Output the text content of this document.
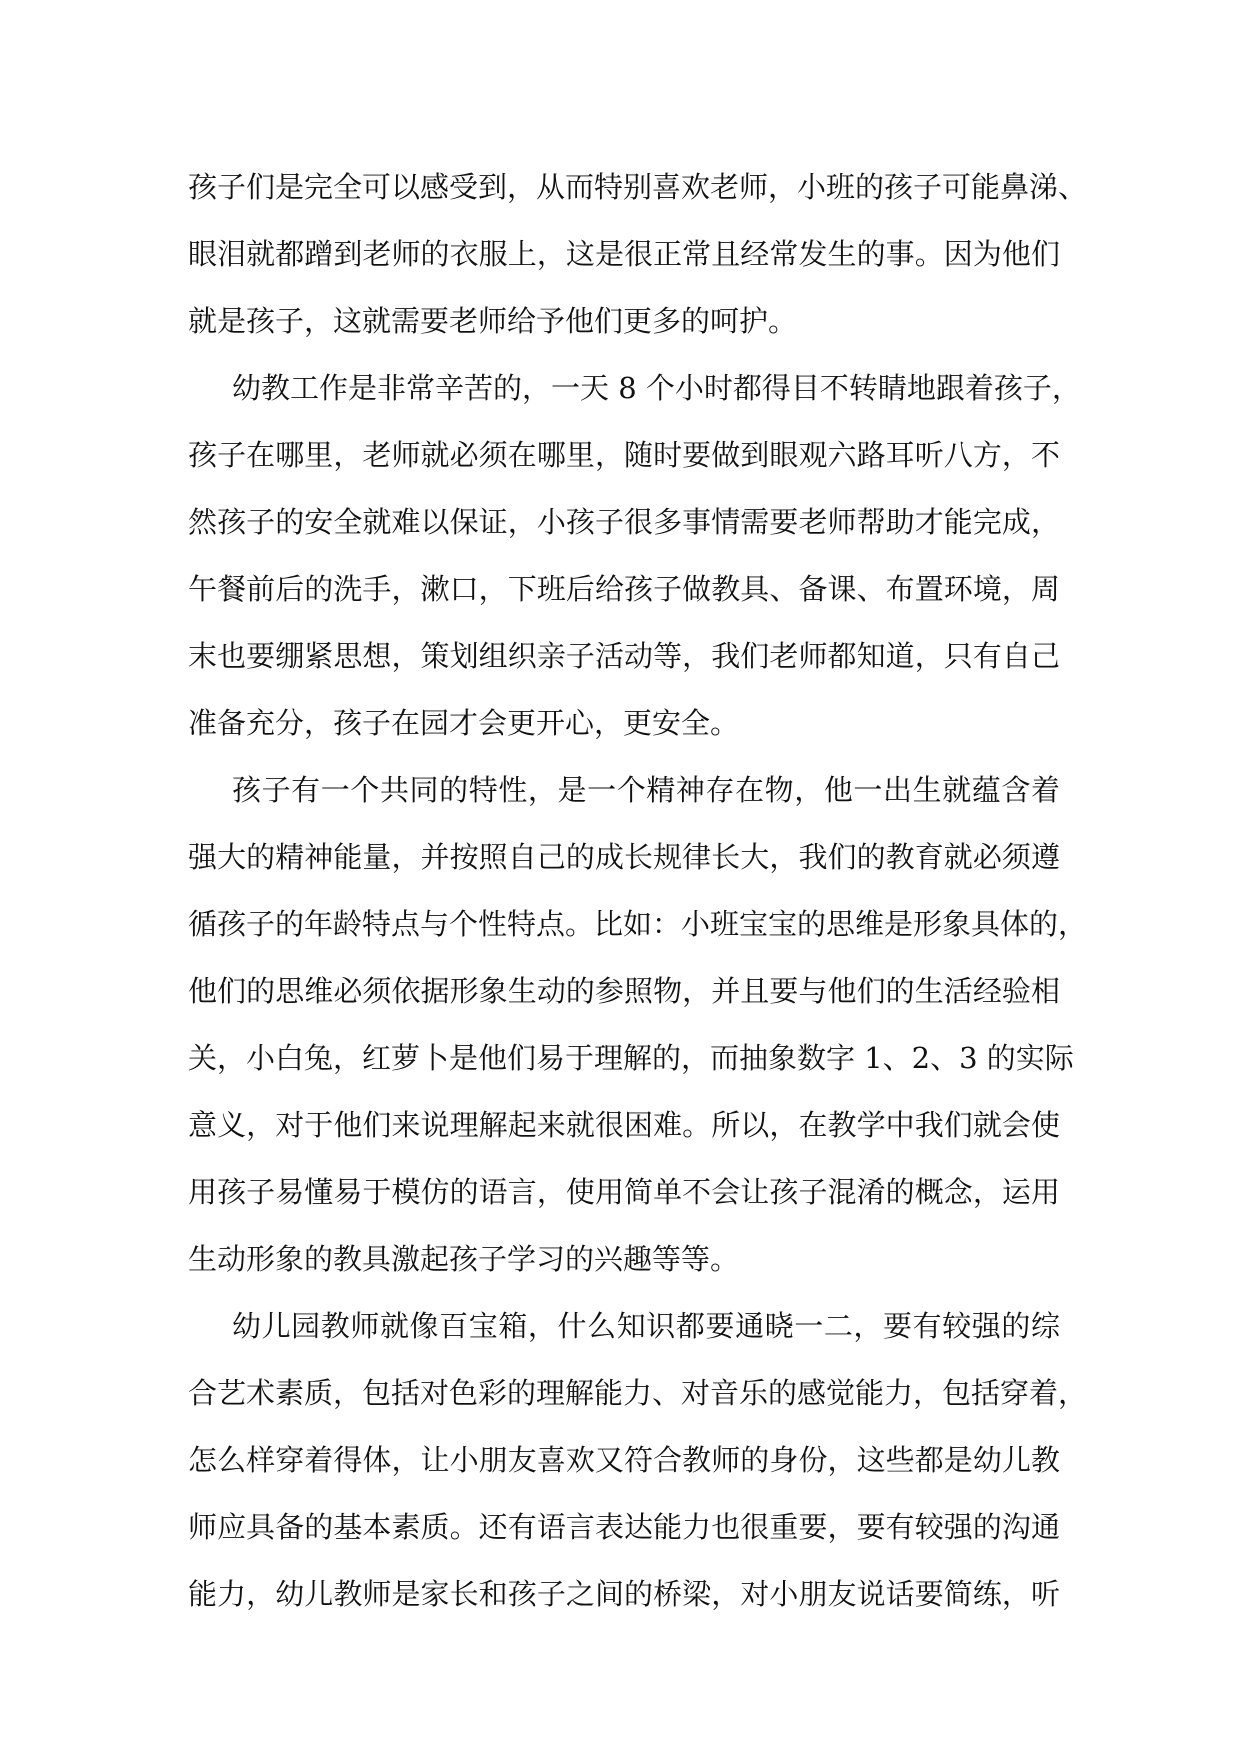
孩子们是完全可以感受到，从而特别喜欢老师，小班的孩子可能鼻涕、
眼泪就都蹭到老师的衣服上，这是很正常且经常发生的事。因为他们
就是孩子，这就需要老师给予他们更多的呵护。
幼教工作是非常辛苦的，一天 8 个小时都得目不转睛地跟着孩子，
孩子在哪里，老师就必须在哪里，随时要做到眼观六路耳听八方，不
然孩子的安全就难以保证，小孩子很多事情需要老师帮助才能完成，
午餐前后的洗手，漱口，下班后给孩子做教具、备课、布置环境，周
末也要绷紧思想，策划组织亲子活动等，我们老师都知道，只有自己
准备充分，孩子在园才会更开心，更安全。
孩子有一个共同的特性，是一个精神存在物，他一出生就蕴含着
强大的精神能量，并按照自己的成长规律长大，我们的教育就必须遵
循孩子的年龄特点与个性特点。比如：小班宝宝的思维是形象具体的，
他们的思维必须依据形象生动的参照物，并且要与他们的生活经验相
关，小白兔，红萝卜是他们易于理解的，而抽象数字 1、2、3 的实际
意义，对于他们来说理解起来就很困难。所以，在教学中我们就会使
用孩子易懂易于模仿的语言，使用简单不会让孩子混淆的概念，运用
生动形象的教具激起孩子学习的兴趣等等。
幼儿园教师就像百宝箱，什么知识都要通晓一二，要有较强的综
合艺术素质，包括对色彩的理解能力、对音乐的感觉能力，包括穿着，
怎么样穿着得体，让小朋友喜欢又符合教师的身份，这些都是幼儿教
师应具备的基本素质。还有语言表达能力也很重要，要有较强的沟通
能力，幼儿教师是家长和孩子之间的桥梁，对小朋友说话要简练，听
